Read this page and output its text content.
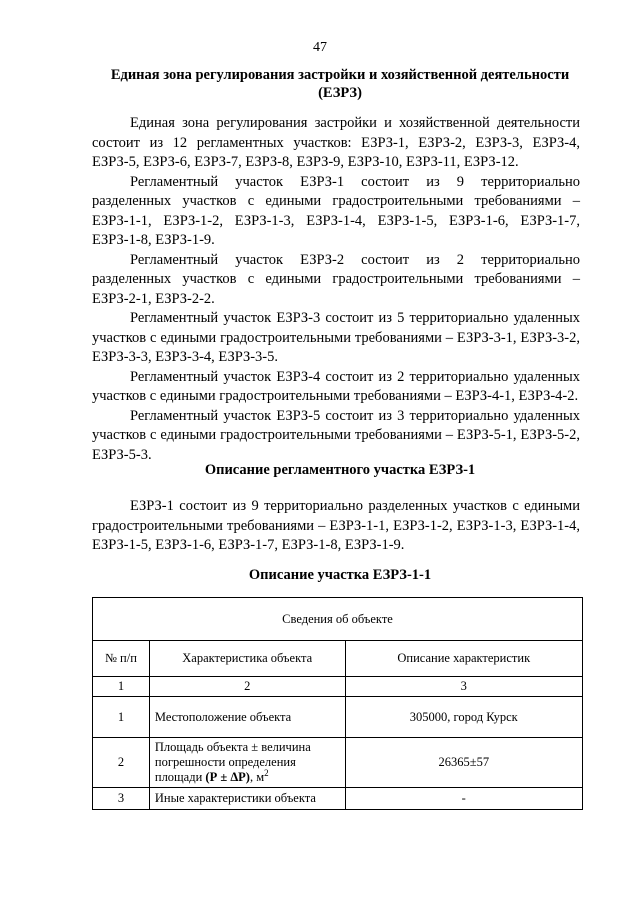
47
Единая зона регулирования застройки и хозяйственной деятельности
(ЕЗРЗ)

Единая зона регулирования застройки и хозяйственной деятельности состоит из 12 регламентных участков: ЕЗРЗ-1, ЕЗРЗ-2, ЕЗРЗ-3, ЕЗРЗ-4, ЕЗРЗ-5, ЕЗРЗ-6, ЕЗРЗ-7, ЕЗРЗ-8, ЕЗРЗ-9, ЕЗРЗ-10, ЕЗРЗ-11, ЕЗРЗ-12.

Регламентный участок ЕЗРЗ-1 состоит из 9 территориально разделенных участков с едиными градостроительными требованиями – ЕЗРЗ-1-1, ЕЗРЗ-1-2, ЕЗРЗ-1-3, ЕЗРЗ-1-4, ЕЗРЗ-1-5, ЕЗРЗ-1-6, ЕЗРЗ-1-7, ЕЗРЗ-1-8, ЕЗРЗ-1-9.

Регламентный участок ЕЗРЗ-2 состоит из 2 территориально разделенных участков с едиными градостроительными требованиями – ЕЗРЗ-2-1, ЕЗРЗ-2-2.

Регламентный участок ЕЗРЗ-3 состоит из 5 территориально удаленных участков с едиными градостроительными требованиями – ЕЗРЗ-3-1, ЕЗРЗ-3-2, ЕЗРЗ-3-3, ЕЗРЗ-3-4, ЕЗРЗ-3-5.

Регламентный участок ЕЗРЗ-4 состоит из 2 территориально удаленных участков с едиными градостроительными требованиями – ЕЗРЗ-4-1, ЕЗРЗ-4-2.

Регламентный участок ЕЗРЗ-5 состоит из 3 территориально удаленных участков с едиными градостроительными требованиями – ЕЗРЗ-5-1, ЕЗРЗ-5-2, ЕЗРЗ-5-3.

Описание регламентного участка ЕЗРЗ-1

ЕЗРЗ-1 состоит из 9 территориально разделенных участков с едиными градостроительными требованиями – ЕЗРЗ-1-1, ЕЗРЗ-1-2, ЕЗРЗ-1-3, ЕЗРЗ-1-4, ЕЗРЗ-1-5, ЕЗРЗ-1-6, ЕЗРЗ-1-7, ЕЗРЗ-1-8, ЕЗРЗ-1-9.

Описание участка ЕЗРЗ-1-1
Сведения об объекте		
№ п/п	Характеристика объекта	Описание характеристик
1	2	3
1	Местоположение объекта	305000, город Курск
2	Площадь объекта ± величина погрешности определения площади (Р ± ΔР), $м^2$	26365±57
3	Иные характеристики объекта	-
